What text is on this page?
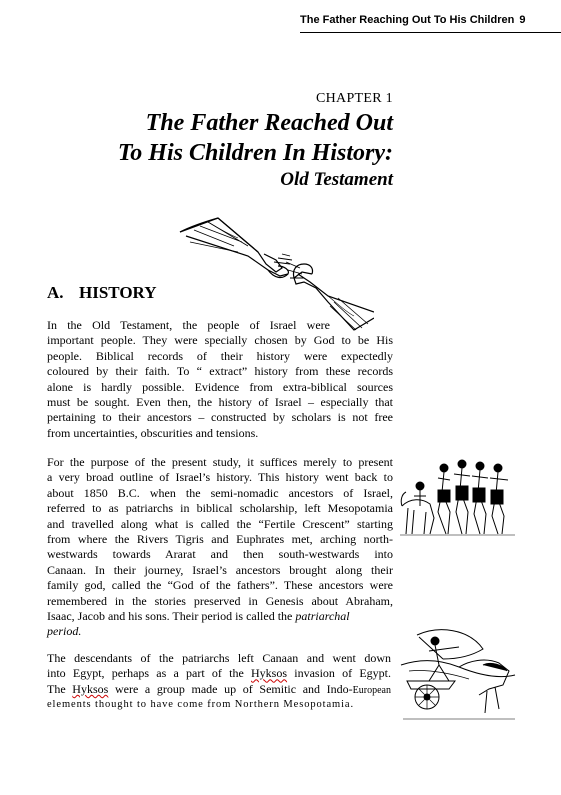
The Father Reaching Out To His Children 9
CHAPTER 1
The Father Reached Out
To His Children In History:
Old Testament
A. HISTORY
In the Old Testament, the people of Israel were
important people. They were specially chosen by God to be His
people. Biblical records of their history were expectedly
coloured by their faith. To “ extract” history from these records
alone is hardly possible. Evidence from extra-biblical sources
must be sought. Even then, the history of Israel – especially that
pertaining to their ancestors – constructed by scholars is not free
from uncertainties, obscurities and tensions.
For the purpose of the present study, it suffices merely to present
a very broad outline of Israel’s history. This history went back to
about 1850 B.C. when the semi-nomadic ancestors of Israel,
referred to as patriarchs in biblical scholarship, left Mesopotamia
and travelled along what is called the “Fertile Crescent” starting
from where the Rivers Tigris and Euphrates met, arching north-
westwards towards Ararat and then south-westwards into
Canaan. In their journey, Israel’s ancestors brought along their
family god, called the “God of the fathers”. These ancestors were
remembered in the stories preserved in Genesis about Abraham,
Isaac, Jacob and his sons. Their period is called the patriarchal
period.
The descendants of the patriarchs left Canaan and went down
into Egypt, perhaps as a part of the Hyksos invasion of Egypt.
The Hyksos were a group made up of Semitic and Indo-European
elements thought to have come from Northern Mesopotamia.
